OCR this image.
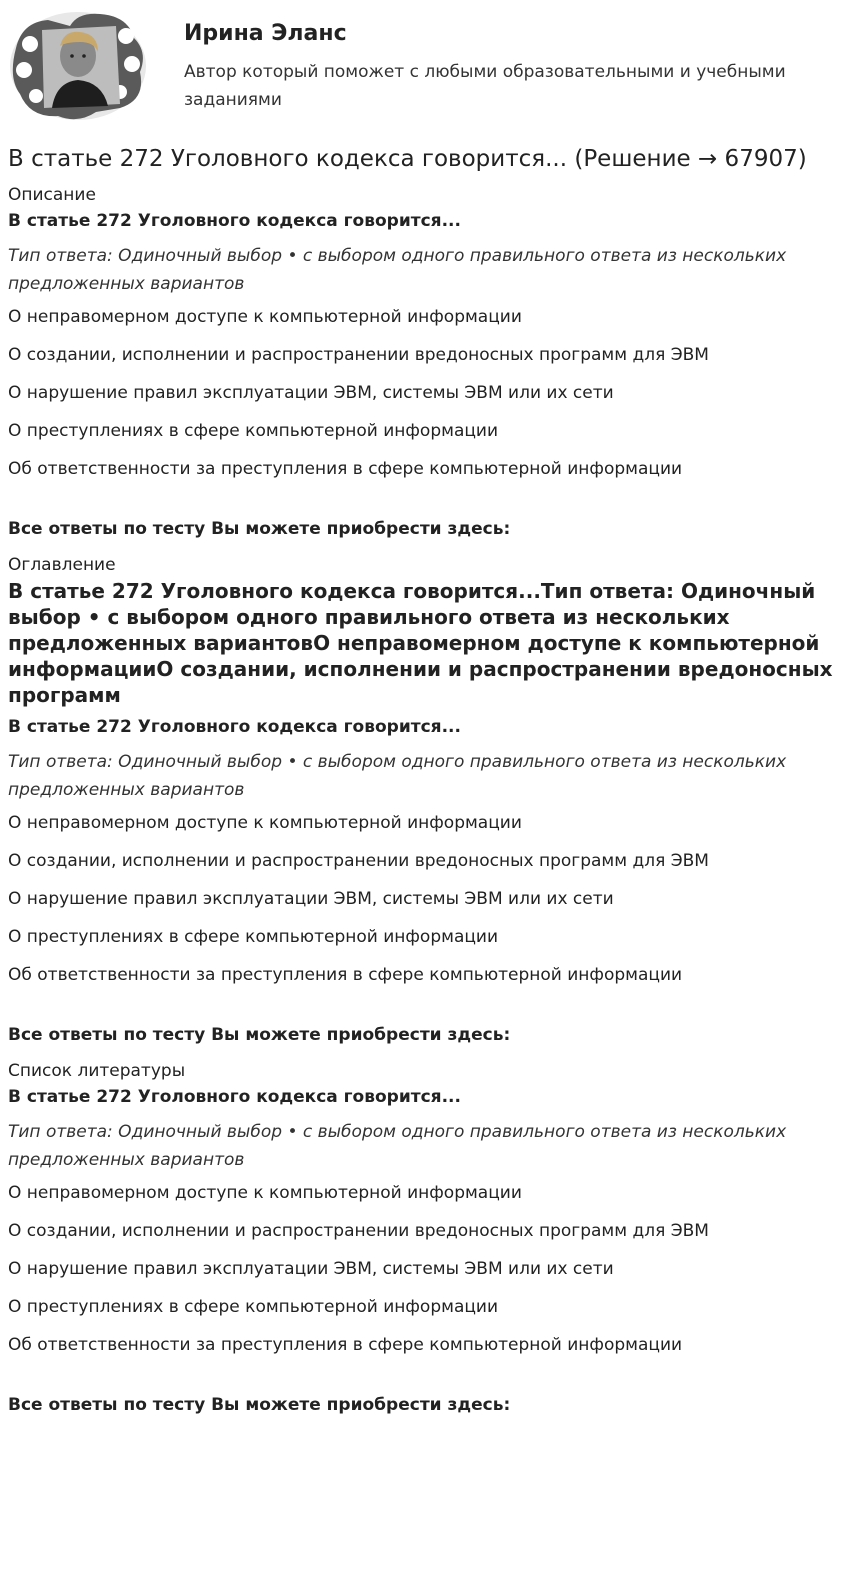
Ирина Эланс
Автор который поможет с любыми образовательными и учебными заданиями
В статье 272 Уголовного кодекса говорится... (Решение → 67907)

Описание

В статье 272 Уголовного кодекса говорится...

Тип ответа: Одиночный выбор • с выбором одного правильного ответа из нескольких предложенных вариантов

О неправомерном доступе к компьютерной информации

О создании, исполнении и распространении вредоносных программ для ЭВМ

О нарушение правил эксплуатации ЭВМ, системы ЭВМ или их сети

О преступлениях в сфере компьютерной информации

Об ответственности за преступления в сфере компьютерной информации

Все ответы по тесту Вы можете приобрести здесь:

Оглавление

В статье 272 Уголовного кодекса говорится...Тип ответа: Одиночный выбор • с выбором одного правильного ответа из нескольких предложенных вариантовО неправомерном доступе к компьютерной информацииО создании, исполнении и распространении вредоносных программ

В статье 272 Уголовного кодекса говорится...

Тип ответа: Одиночный выбор • с выбором одного правильного ответа из нескольких предложенных вариантов

О неправомерном доступе к компьютерной информации

О создании, исполнении и распространении вредоносных программ для ЭВМ

О нарушение правил эксплуатации ЭВМ, системы ЭВМ или их сети

О преступлениях в сфере компьютерной информации

Об ответственности за преступления в сфере компьютерной информации

Все ответы по тесту Вы можете приобрести здесь:

Список литературы

В статье 272 Уголовного кодекса говорится...

Тип ответа: Одиночный выбор • с выбором одного правильного ответа из нескольких предложенных вариантов

О неправомерном доступе к компьютерной информации

О создании, исполнении и распространении вредоносных программ для ЭВМ

О нарушение правил эксплуатации ЭВМ, системы ЭВМ или их сети

О преступлениях в сфере компьютерной информации

Об ответственности за преступления в сфере компьютерной информации

Все ответы по тесту Вы можете приобрести здесь:
